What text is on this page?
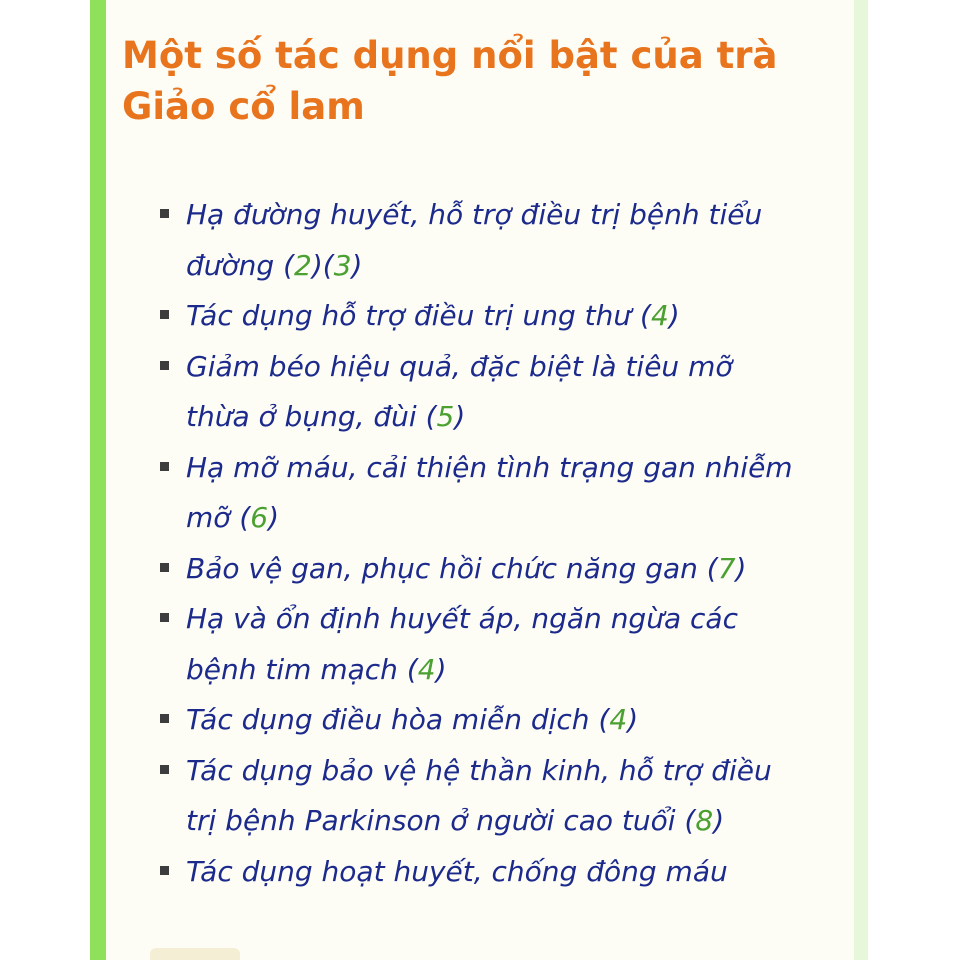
Một số tác dụng nổi bật của trà Giảo cổ lam
Hạ đường huyết, hỗ trợ điều trị bệnh tiểu
đường (2)(3)
Tác dụng hỗ trợ điều trị ung thư (4)
Giảm béo hiệu quả, đặc biệt là tiêu mỡ
thừa ở bụng, đùi (5)
Hạ mỡ máu, cải thiện tình trạng gan nhiễm
mỡ (6)
Bảo vệ gan, phục hồi chức năng gan (7)
Hạ và ổn định huyết áp, ngăn ngừa các
bệnh tim mạch (4)
Tác dụng điều hòa miễn dịch (4)
Tác dụng bảo vệ hệ thần kinh, hỗ trợ điều
trị bệnh Parkinson ở người cao tuổi (8)
Tác dụng hoạt huyết, chống đông máu
